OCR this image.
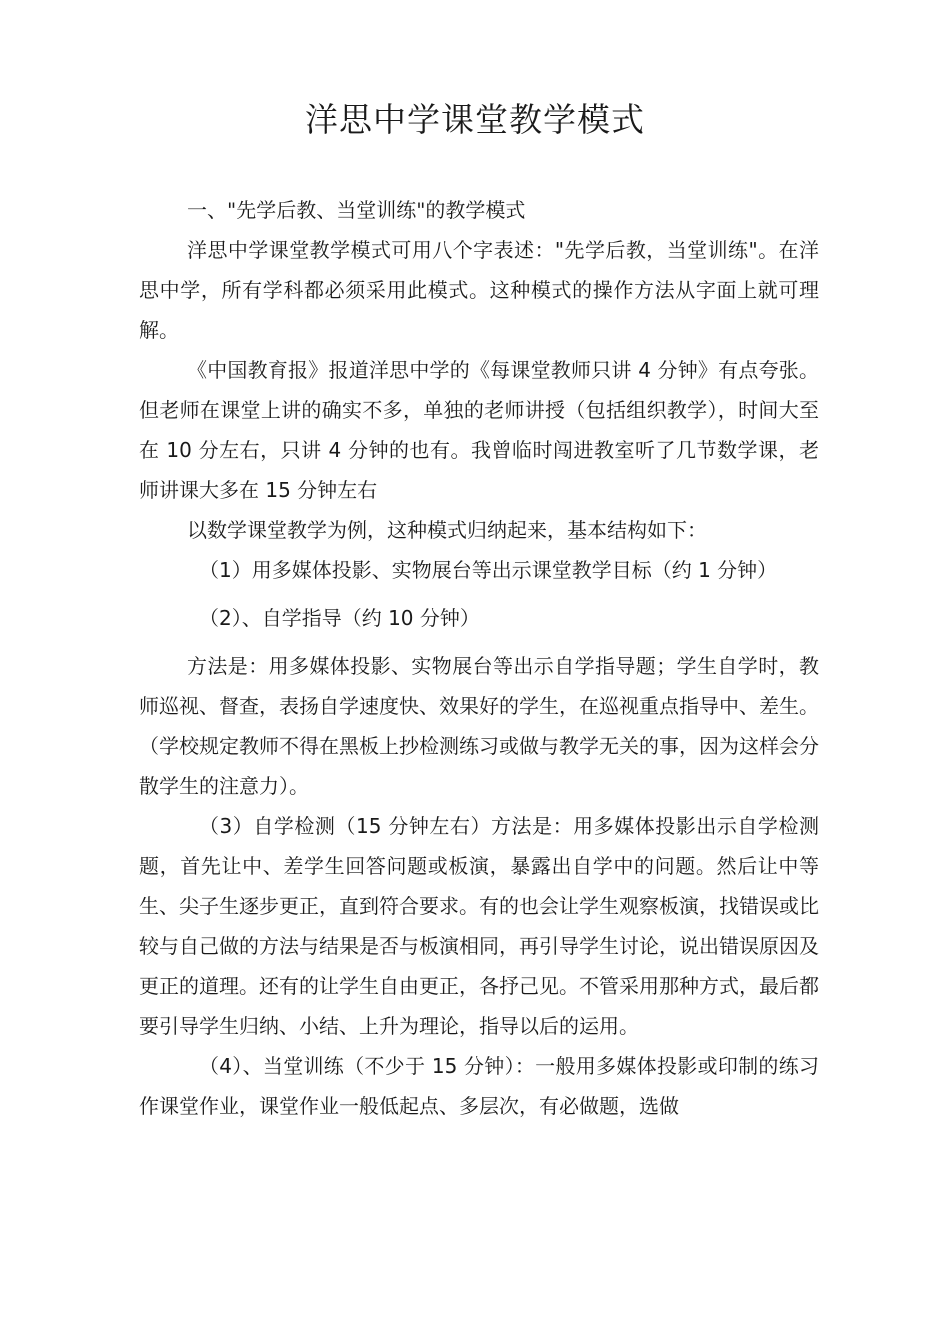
洋思中学课堂教学模式

一、"先学后教、当堂训练"的教学模式

洋思中学课堂教学模式可用八个字表述："先学后教，当堂训练"。在洋思中学，所有学科都必须采用此模式。这种模式的操作方法从字面上就可理解。

《中国教育报》报道洋思中学的《每课堂教师只讲 4 分钟》有点夸张。但老师在课堂上讲的确实不多，单独的老师讲授（包括组织教学），时间大至在 10 分左右，只讲 4 分钟的也有。我曾临时闯进教室听了几节数学课，老师讲课大多在 15 分钟左右

以数学课堂教学为例，这种模式归纳起来，基本结构如下：

（1）用多媒体投影、实物展台等出示课堂教学目标（约 1 分钟）

（2）、自学指导（约 10 分钟）

方法是：用多媒体投影、实物展台等出示自学指导题；学生自学时，教师巡视、督查，表扬自学速度快、效果好的学生，在巡视重点指导中、差生。（学校规定教师不得在黑板上抄检测练习或做与教学无关的事，因为这样会分散学生的注意力）。

（3）自学检测（15 分钟左右）方法是：用多媒体投影出示自学检测题，首先让中、差学生回答问题或板演，暴露出自学中的问题。然后让中等生、尖子生逐步更正，直到符合要求。有的也会让学生观察板演，找错误或比较与自己做的方法与结果是否与板演相同，再引导学生讨论，说出错误原因及更正的道理。还有的让学生自由更正，各抒己见。不管采用那种方式，最后都要引导学生归纳、小结、上升为理论，指导以后的运用。

（4）、当堂训练（不少于 15 分钟）：一般用多媒体投影或印制的练习作课堂作业，课堂作业一般低起点、多层次，有必做题，选做
